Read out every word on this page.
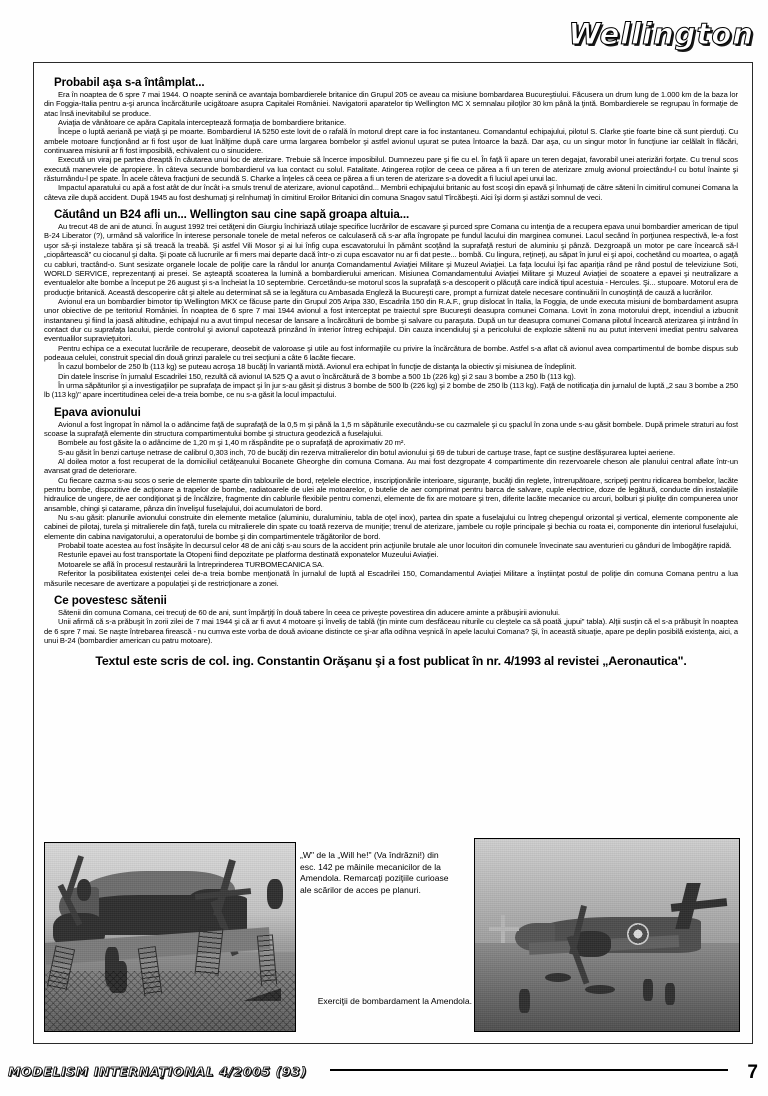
Wellington
Probabil aşa s-a întâmplat...

Era în noaptea de 6 spre 7 mai 1944. O noapte senină ce avantaja bombardierele britanice din Grupul 205 ce aveau ca misiune bombardarea Bucureştiului. Făcusera un drum lung de 1.000 km de la baza lor din Foggia-Italia pentru a-şi arunca încărcăturile ucigătoare asupra Capitalei României. Navigatorii aparatelor tip Wellington MC X semnalau piloţilor 30 km până la ţintă. Bombardierele se regrupau în formaţie de atac însă inevitabilul se produce.

Aviaţia de vânătoare ce apăra Capitala interceptează formaţia de bombardiere britanice.

Începe o luptă aeriană pe viaţă şi pe moarte. Bombardierul IA 5250 este lovit de o rafală în motorul drept care ia foc instantaneu. Comandantul echipajului, pilotul S. Clarke ştie foarte bine că sunt pierduţi. Cu ambele motoare funcţionând ar fi fost uşor de luat înălţime după care urma largarea bombelor şi astfel avionul uşurat se putea întoarce la bază. Dar aşa, cu un singur motor în funcţiune iar celălalt în flăcări, continuarea misiunii ar fi fost imposibilă, echivalent cu o sinucidere.

Execută un viraj pe partea dreaptă în căutarea unui loc de aterizare. Trebuie să încerce imposibilul. Dumnezeu pare şi fie cu el. În faţă îi apare un teren degajat, favorabil unei aterizări forţate. Cu trenul scos execută manevrele de apropiere. În câteva secunde bombardierul va lua contact cu solul. Fatalitate. Atingerea roţilor de ceea ce părea a fi un teren de aterizare zmulg avionul proiectându-l cu botul înainte şi răsturnându-l pe spate. În acele câteva fracţiuni de secundă S. Charke a înţeles că ceea ce părea a fi un teren de aterizare s-a dovedit a fi luciul apei unui lac.

Impactul aparatului cu apă a fost atât de dur încât i-a smuls trenul de aterizare, avionul capotând... Membrii echipajului britanic au fost scoşi din epavă şi înhumaţi de către săteni în cimitirul comunei Comana la câteva zile după accident. După 1945 au fost deshumaţi şi reînhumaţi în cimitirul Eroilor Britanici din comuna Snagov satul Tîrcăbeşti. Aici îşi dorm şi astăzi somnul de veci.

Căutând un B24 afli un... Wellington sau cine sapă groapa altuia...

Au trecut 48 de ani de atunci. În august 1992 trei cetăţeni din Giurgiu închiriază utilaje specifice lucrărilor de escavare şi purced spre Comana cu intenţia de a recupera epava unui bombardier american de tipul B-24 Liberator (?), urmând să valorifice în interese personale tonele de metal neferos ce calculaseră că s-ar afla îngropate pe fundul lacului din marginea comunei. Lacul secând în porţiunea respectivă, le-a fost uşor să-şi instaleze tabăra şi să treacă la treabă. Şi astfel Vili Mosor şi ai lui înfig cupa escavatorului în pământ scoţând la suprafaţă resturi de aluminiu şi pânză. Dezgroapă un motor pe care încearcă să-l „ciopârtească" cu ciocanul şi dalta. Şi poate că lucrurile ar fi mers mai departe dacă într-o zi cupa escavator nu ar fi dat peste... bombă. Cu lingura, reţineţi, au săpat în jurul ei şi apoi, cochetând cu moartea, o agaţă cu cabluri, tractând-o. Sunt sesizate organele locale de poliţie care la rândul lor anunţa Comandamentul Aviaţiei Militare şi Muzeul Aviaţiei. La faţa locului îşi fac apariţia rând pe rând postul de televiziune Soti, WORLD SERVICE, reprezentanţi ai presei. Se aşteaptă scoaterea la lumină a bombardierului american. Misiunea Comandamentului Aviaţiei Militare şi Muzeul Aviaţiei de scoatere a epavei şi neutralizare a eventualelor alte bombe a început pe 26 august şi s-a încheiat la 10 septembrie. Cercetându-se motorul scos la suprafaţă s-a descoperit o plăcuţă care indică tipul acestuia - Hercules. Şi... stupoare. Motorul era de producţie britanică. Această descoperire cât şi altele au determinat să se ia legătura cu Ambasada Engleză la Bucureşti care, prompt a furnizat datele necesare continuării în cunoştinţă de cauză a lucrărilor.

Avionul era un bombardier bimotor tip Wellington MKX ce făcuse parte din Grupul 205 Aripa 330, Escadrila 150 din R.A.F., grup dislocat în Italia, la Foggia, de unde executa misiuni de bombardament asupra unor obiective de pe teritoriul României. În noaptea de 6 spre 7 mai 1944 avionul a fost interceptat pe traiectul spre Bucureşti deasupra comunei Comana. Lovit în zona motorului drept, incendiul a izbucnit instantaneu şi fiind la joasă altitudine, echipajul nu a avut timpul necesar de lansare a încărcăturii de bombe şi salvare cu paraşuta. După un tur deasupra comunei Comana pilotul încearcă aterizarea şi intrând în contact dur cu suprafaţa lacului, pierde controlul şi avionul capotează prinzând în interior întreg echipajul. Din cauza incendiuluj şi a pericolului de explozie sătenii nu au putut interveni imediat pentru salvarea eventualilor supravieţuitori.

Pentru echipa ce a executat lucrările de recuperare, deosebit de valoroase şi utile au fost informaţiile cu privire la încărcătura de bombe. Astfel s-a aflat că avionul avea compartimentul de bombe dispus sub podeaua celulei, construit special din două grinzi paralele cu trei secţiuni a câte 6 lacăte fiecare.

În cazul bombelor de 250 lb (113 kg) se puteau acroşa 18 bucăţi în variantă mixtă. Avionul era echipat în funcţie de distanţa la obiectiv şi misiunea de îndeplinit.

Din datele înscrise în jurnalul Escadrilei 150, rezultă că avionul IA 525 Q a avut o încărcătură de 3 bombe a 500 1b (226 kg) şi 2 sau 3 bombe a 250 lb (113 kg).

În urma săpăturilor şi a investigaţiilor pe suprafaţa de impact şi în jur s-au găsit şi distrus 3 bombe de 500 lb (226 kg) şi 2 bombe de 250 lb (113 kg). Faţă de notificaţia din jurnalul de luptă „2 sau 3 bombe a 250 lb (113 kg)" apare incertitudinea celei de-a treia bombe, ce nu s-a găsit la locul impactului.

Epava avionului

Avionul a fost îngropat în nămol la o adâncime faţă de suprafaţă de la 0,5 m şi până la 1,5 m săpăturile executându-se cu cazmalele şi cu şpaclul în zona unde s-au găsit bombele. După primele straturi au fost scoase la suprafaţă elemente din structura compartimentului bombe şi structura geodezică a fuselajului.

Bombele au fost găsite la o adâncime de 1,20 m şi 1,40 m răspândite pe o suprafaţă de aproximativ 20 m².

S-au găsit în benzi cartuşe netrase de calibrul 0,303 inch, 70 de bucăţi din rezerva mitralierelor din botul avionului şi 69 de tuburi de cartuşe trase, fapt ce susţine desfăşurarea luptei aeriene.

Al doilea motor a fost recuperat de la domiciliul cetăţeanului Bocanete Gheorghe din comuna Comana. Au mai fost dezgropate 4 compartimente din rezervoarele cheson ale planului central aflate într-un avansat grad de deteriorare.

Cu fiecare cazma s-au scos o serie de elemente sparte din tablourile de bord, reţelele electrice, inscripţionările interioare, siguranţe, bucăţi din reglete, întrerupătoare, scripeţi pentru ridicarea bombelor, lacăte pentru bombe, dispozitive de acţionare a trapelor de bombe, radiatoarele de ulei ale motoarelor, o butelie de aer comprimat pentru barca de salvare, cuple electrice, doze de legătură, conducte din instalaţiile hidraulice de ungere, de aer condiţionat şi de încălzire, fragmente din cablurile flexibile pentru comenzi, elemente de fix are motoare şi tren, diferite lacăte mecanice cu arcuri, bolburi şi piuliţe din compunerea unor ansamble, chingi şi catarame, pânza din învelişul fuselajului, doi acumulatori de bord.

Nu s-au găsit: planurile avionului construite din elemente metalice (aluminiu, duraluminiu, tabla de oţel inox), partea din spate a fuselajului cu întreg chepengul orizontal şi vertical, elemente componente ale cabinei de pilotaj, turela şi mitralierele din faţă, turela cu mitralierele din spate cu toată rezerva de muniţie; trenul de aterizare, jambele cu roţile principale şi bechia cu roata ei, componente din interiorul fuselajului, elemente din cabina navigatorului, a operatorului de bombe şi din compartimentele trăgătorilor de bord.

Probabil toate acestea au fost însăşite în decursul celor 48 de ani câţi s-au scurs de la accident prin acţiunile brutale ale unor locuitori din comunele învecinate sau aventurieri cu gânduri de îmbogăţire rapidă.

Resturile epavei au fost transportate la Otopeni fiind depozitate pe platforma destinată exponatelor Muzeului Aviaţiei.

Motoarele se află în procesul restaurării la întreprinderea TURBOMECANICA SA.

Referitor la posibilitatea existenţei celei de-a treia bombe menţionată în jurnalul de luptă al Escadrilei 150, Comandamentul Aviaţiei Militare a înştiinţat postul de poliţie din comuna Comana pentru a lua măsurile necesare de avertizare a populaţiei şi de restricţionare a zonei.

Ce povestesc sătenii

Sătenii din comuna Comana, cei trecuţi de 60 de ani, sunt împărţiţi în două tabere în ceea ce priveşte povestirea din aducere aminte a prăbuşirii avionului.

Unii afirmă că s-a prăbuşit în zorii zilei de 7 mai 1944 şi că ar fi avut 4 motoare şi înveliş de tablă (ţin minte cum desfăceau niturile cu cleştele ca să poată „jupui" tabla). Alţii susţin că el s-a prăbuşit în noaptea de 6 spre 7 mai. Se naşte întrebarea firească - nu cumva este vorba de două avioane distincte ce şi-ar afla odihna veşnică în apele lacului Comana? Şi, în această situaţie, apare pe deplin posibilă existenţa, aici, a unui B-24 (bombardier american cu patru motoare).

Textul este scris de col. ing. Constantin Orăşanu şi a fost publicat în nr. 4/1993 al revistei „Aeronautica".
„W" de la „Will he!" (Va îndrăzni!) din esc. 142 pe mâinile mecanicilor de la Amendola. Remarcaţi poziţiile curioase ale scărilor de acces pe planuri.
Exerciţii de bombardament la Amendola.
MODELISM INTERNAŢIONAL 4/2005 (93)	7
